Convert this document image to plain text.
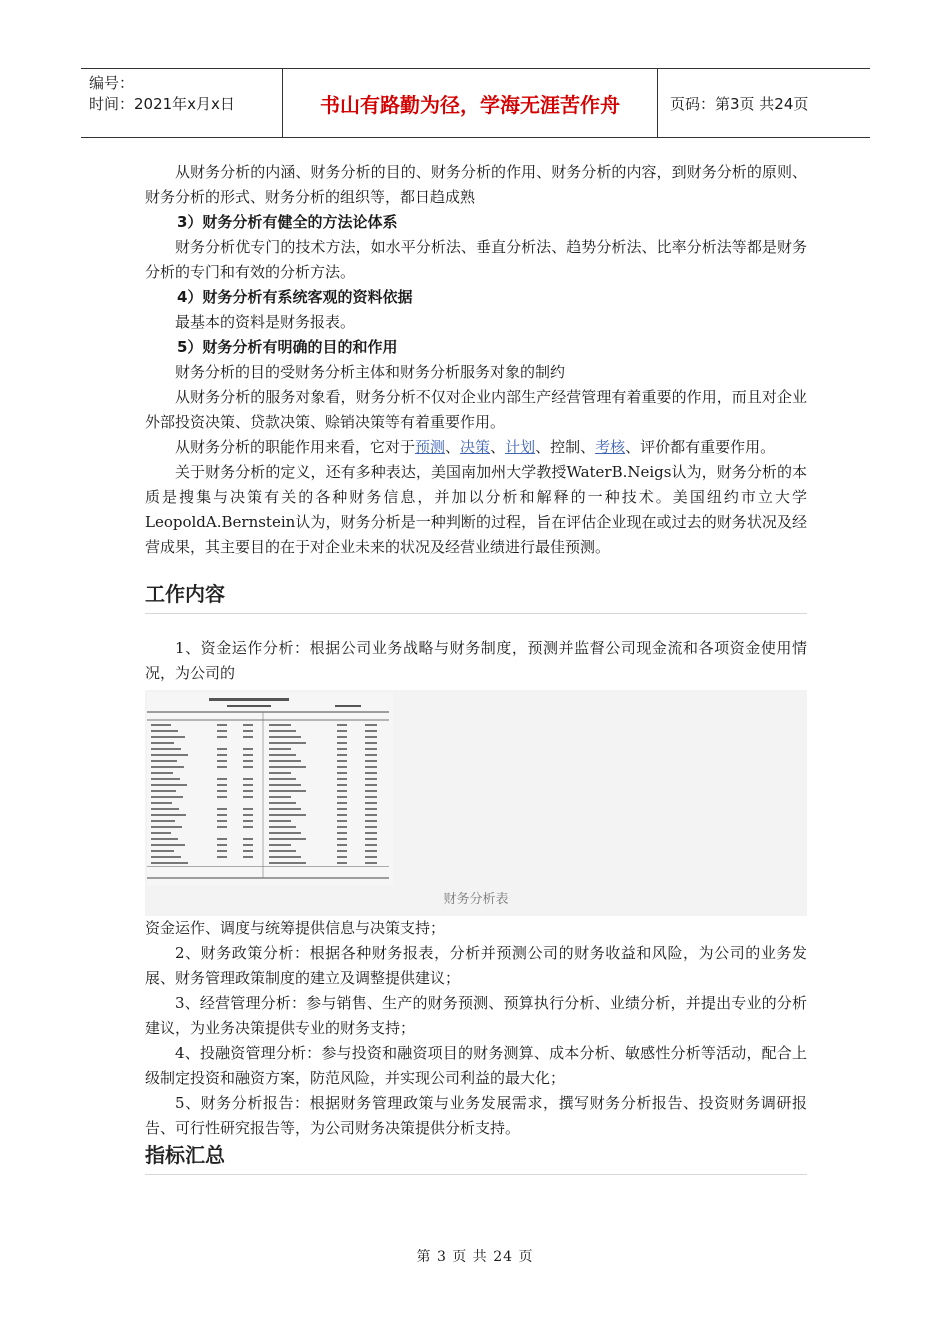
编号：
时间：2021年x月x日	书山有路勤为径，学海无涯苦作舟	页码：第3页 共24页

从财务分析的内涵、财务分析的目的、财务分析的作用、财务分析的内容，到财务分析的原则、财务分析的形式、财务分析的组织等，都日趋成熟

3）财务分析有健全的方法论体系

财务分析优专门的技术方法，如水平分析法、垂直分析法、趋势分析法、比率分析法等都是财务分析的专门和有效的分析方法。

4）财务分析有系统客观的资料依据

最基本的资料是财务报表。

5）财务分析有明确的目的和作用

财务分析的目的受财务分析主体和财务分析服务对象的制约

从财务分析的服务对象看，财务分析不仅对企业内部生产经营管理有着重要的作用，而且对企业外部投资决策、贷款决策、赊销决策等有着重要作用。

从财务分析的职能作用来看，它对于预测、决策、计划、控制、考核、评价都有重要作用。

关于财务分析的定义，还有多种表达，美国南加州大学教授WaterB.Neigs认为，财务分析的本质是搜集与决策有关的各种财务信息，并加以分析和解释的一种技术。美国纽约市立大学LeopoldA.Bernstein认为，财务分析是一种判断的过程，旨在评估企业现在或过去的财务状况及经营成果，其主要目的在于对企业未来的状况及经营业绩进行最佳预测。

工作内容

1、资金运作分析：根据公司业务战略与财务制度，预测并监督公司现金流和各项资金使用情况，为公司的

财务分析表

资金运作、调度与统筹提供信息与决策支持；

2、财务政策分析：根据各种财务报表，分析并预测公司的财务收益和风险，为公司的业务发展、财务管理政策制度的建立及调整提供建议；

3、经营管理分析：参与销售、生产的财务预测、预算执行分析、业绩分析，并提出专业的分析建议，为业务决策提供专业的财务支持；

4、投融资管理分析：参与投资和融资项目的财务测算、成本分析、敏感性分析等活动，配合上级制定投资和融资方案，防范风险，并实现公司利益的最大化；

5、财务分析报告：根据财务管理政策与业务发展需求，撰写财务分析报告、投资财务调研报告、可行性研究报告等，为公司财务决策提供分析支持。

指标汇总
第 3 页 共 24 页
